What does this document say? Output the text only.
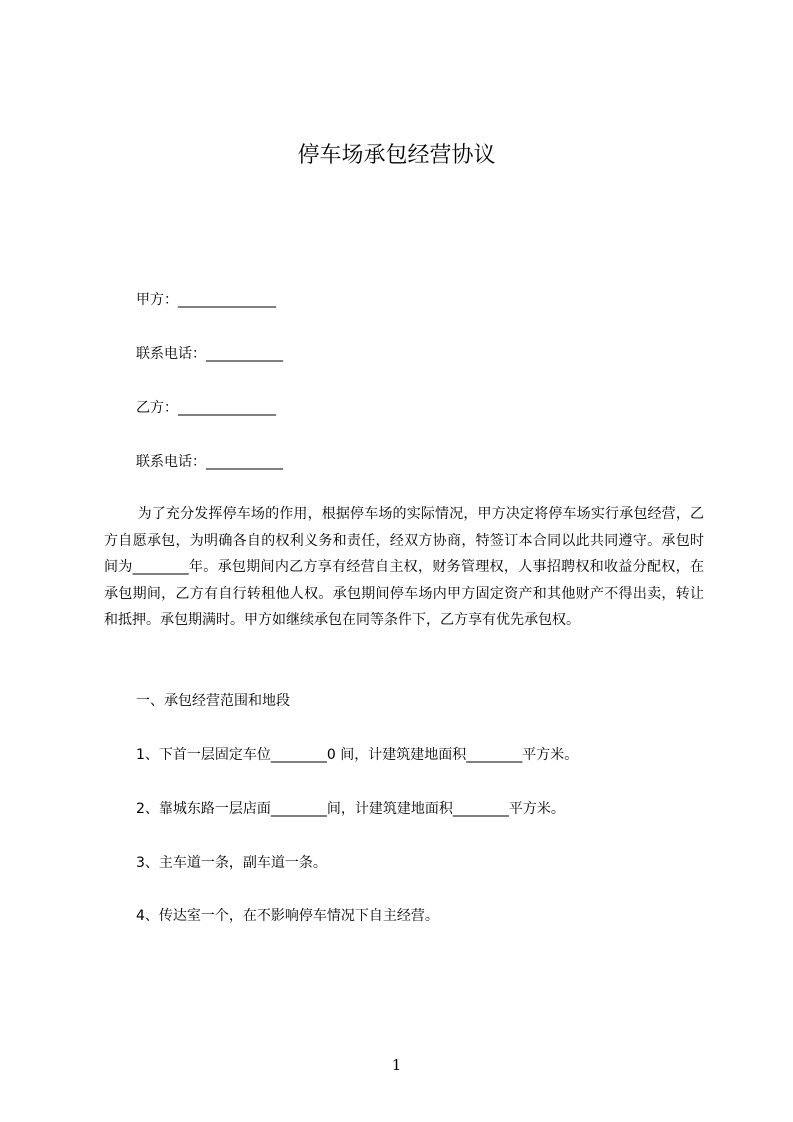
停车场承包经营协议

甲方：______________

联系电话：___________

乙方：______________

联系电话：___________

为了充分发挥停车场的作用，根据停车场的实际情况，甲方决定将停车场实行承包经营，乙方自愿承包，为明确各自的权利义务和责任，经双方协商，特签订本合同以此共同遵守。承包时间为________年。承包期间内乙方享有经营自主权，财务管理权，人事招聘权和收益分配权，在承包期间，乙方有自行转租他人权。承包期间停车场内甲方固定资产和其他财产不得出卖，转让和抵押。承包期满时。甲方如继续承包在同等条件下，乙方享有优先承包权。

一、承包经营范围和地段

1、下首一层固定车位________0 间，计建筑建地面积________平方米。

2、靠城东路一层店面________间，计建筑建地面积________平方米。

3、主车道一条，副车道一条。

4、传达室一个，在不影响停车情况下自主经营。

1
